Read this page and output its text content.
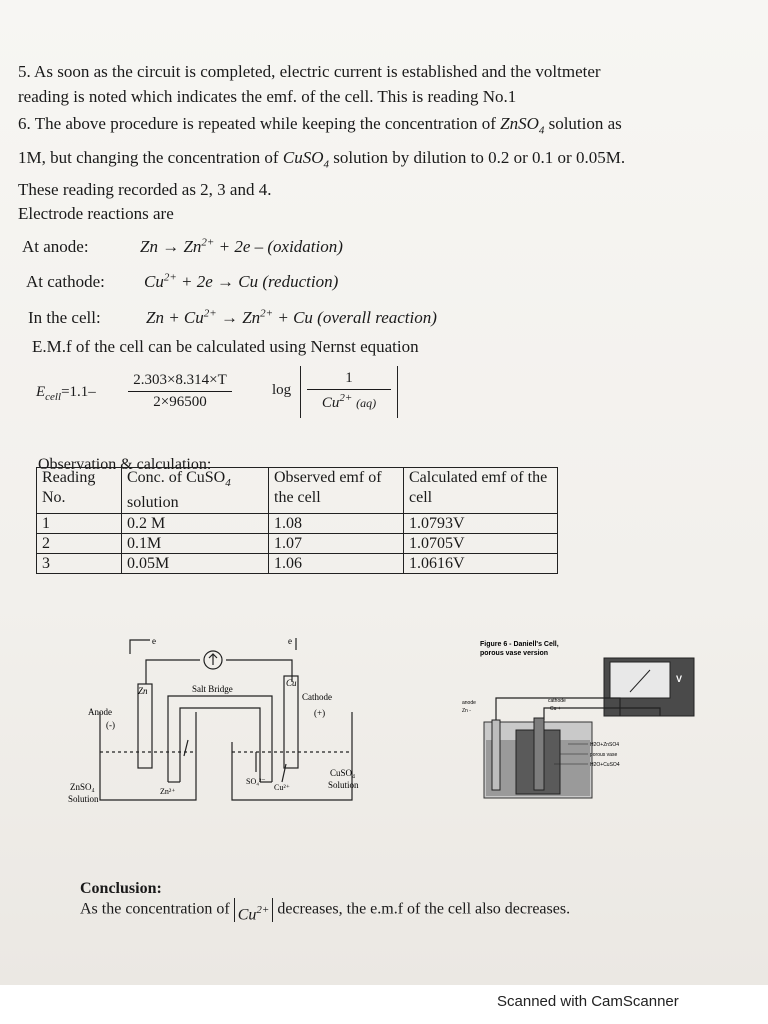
5. As soon as the circuit is completed, electric current is established and the voltmeter
reading is noted which indicates the emf. of the cell. This is reading No.1
6. The above procedure is repeated while keeping the concentration of ZnSO$_4$ solution as
1M, but changing the concentration of CuSO$_4$ solution by dilution to 0.2 or 0.1 or 0.05M.
These reading recorded as 2, 3 and 4.
Electrode reactions are
At anode:	$Zn \to Zn^{2+} + 2e$ – (oxidation)
At cathode: $Cu^{2+} + 2e \to Cu$ (reduction)
In the cell:	$Zn + Cu^{2+} \to Zn^{2+} + Cu$ (overall reaction)
E.M.f of the cell can be calculated using Nernst equation
$E_{cell}=1.1-$
2.303×8.314×T
2×96500
log
1
$Cu^{2+}$ (aq)
Observation & calculation:
Reading No.	Conc. of CuSO$_4$
solution	Observed emf of the cell	Calculated emf of the cell
1	0.2 M	1.08	1.0793V
2	0.1M	1.07	1.0705V
3	0.05M	1.06	1.0616V
Zn
Cu
Salt Bridge
Anode
(-)
Cathode
(+)
ZnSO₄
Solution
CuSO₄
Solution
Zn²⁺
SO₄²⁻
Cu²⁺
e	e	Figure 6 - Daniell's Cell,
porous vase version
V
anode
Zn -
cathode
Cu +
H2O+ZnSO4
porous vase
H2O+CuSO4
Conclusion:
As the concentration of $Cu^{2+}$ decreases, the e.m.f of the cell also decreases.
Scanned with CamScanner
